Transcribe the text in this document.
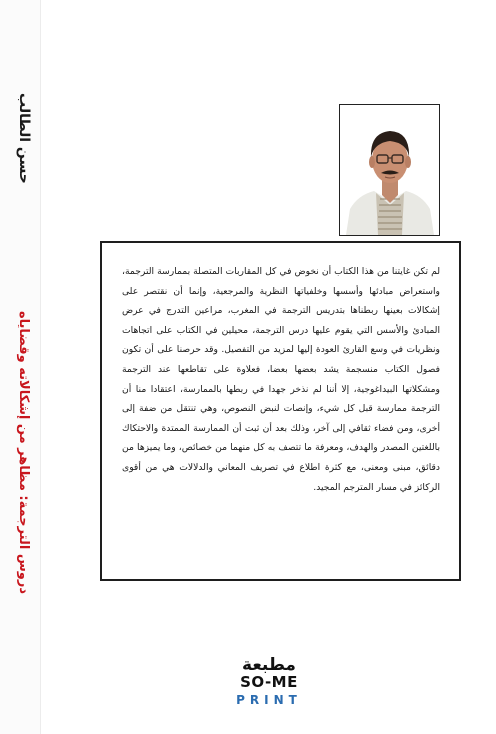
حسن الطالب
دروس الترجمة: مظاهر من إشكالاته وقضاياه

لم تكن غايتنا من هذا الكتاب أن نخوض في كل المقاربات المتصلة بممارسة الترجمة، واستعراض مبادئها وأسسها وخلفياتها النظرية والمرجعية، وإنما أن نقتصر على إشكالات بعينها ربطناها بتدريس الترجمة في المغرب، مراعين التدرج في عرض المبادئ والأسس التي يقوم عليها درس الترجمة، محيلين في الكتاب على اتجاهات ونظريات في وسع القارئ العودة إليها لمزيد من التفصيل. وقد حرصنا على أن تكون فصول الكتاب منسجمة يشد بعضها بعضا، فعلاوة على تقاطعها عند الترجمة ومشكلاتها البيداغوجية، إلا أننا لم نذخر جهدا في ربطها بالممارسة، اعتقادا منا أن الترجمة ممارسة قبل كل شيء، وإنصات لنبض النصوص، وهي تنتقل من ضفة إلى أخرى، ومن فضاء ثقافي إلى آخر، وذلك بعد أن ثبت أن الممارسة الممتدة والاحتكاك باللغتين المصدر والهدف، ومعرفة ما تتصف به كل منهما من خصائص، وما يميزها من دقائق، مبنى ومعنى، مع كثرة اطلاع في تصريف المعاني والدلالات هي من أقوى الركائز في مسار المترجم المجيد.

مطبعة
SO-ME
PRINT
